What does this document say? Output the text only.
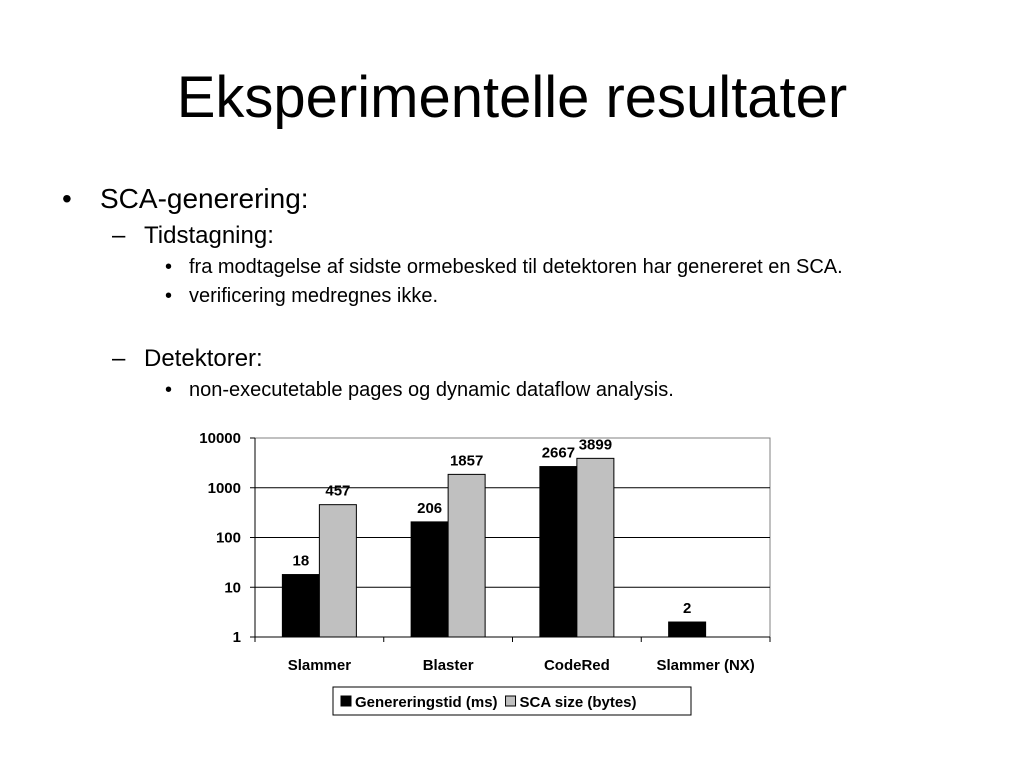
Eksperimentelle resultater
• SCA-generering:
– Tidstagning:
• fra modtagelse af sidste ormebesked til detektoren har genereret en SCA.
• verificering medregnes ikke.
– Detektorer:
• non-executetable pages og dynamic dataflow analysis.
10000
1000
100
10
1
Slammer
18
457
Blaster
206
1857
CodeRed
2667 3899
Slammer (NX)
2
Genereringstid (ms) SCA size (bytes)
